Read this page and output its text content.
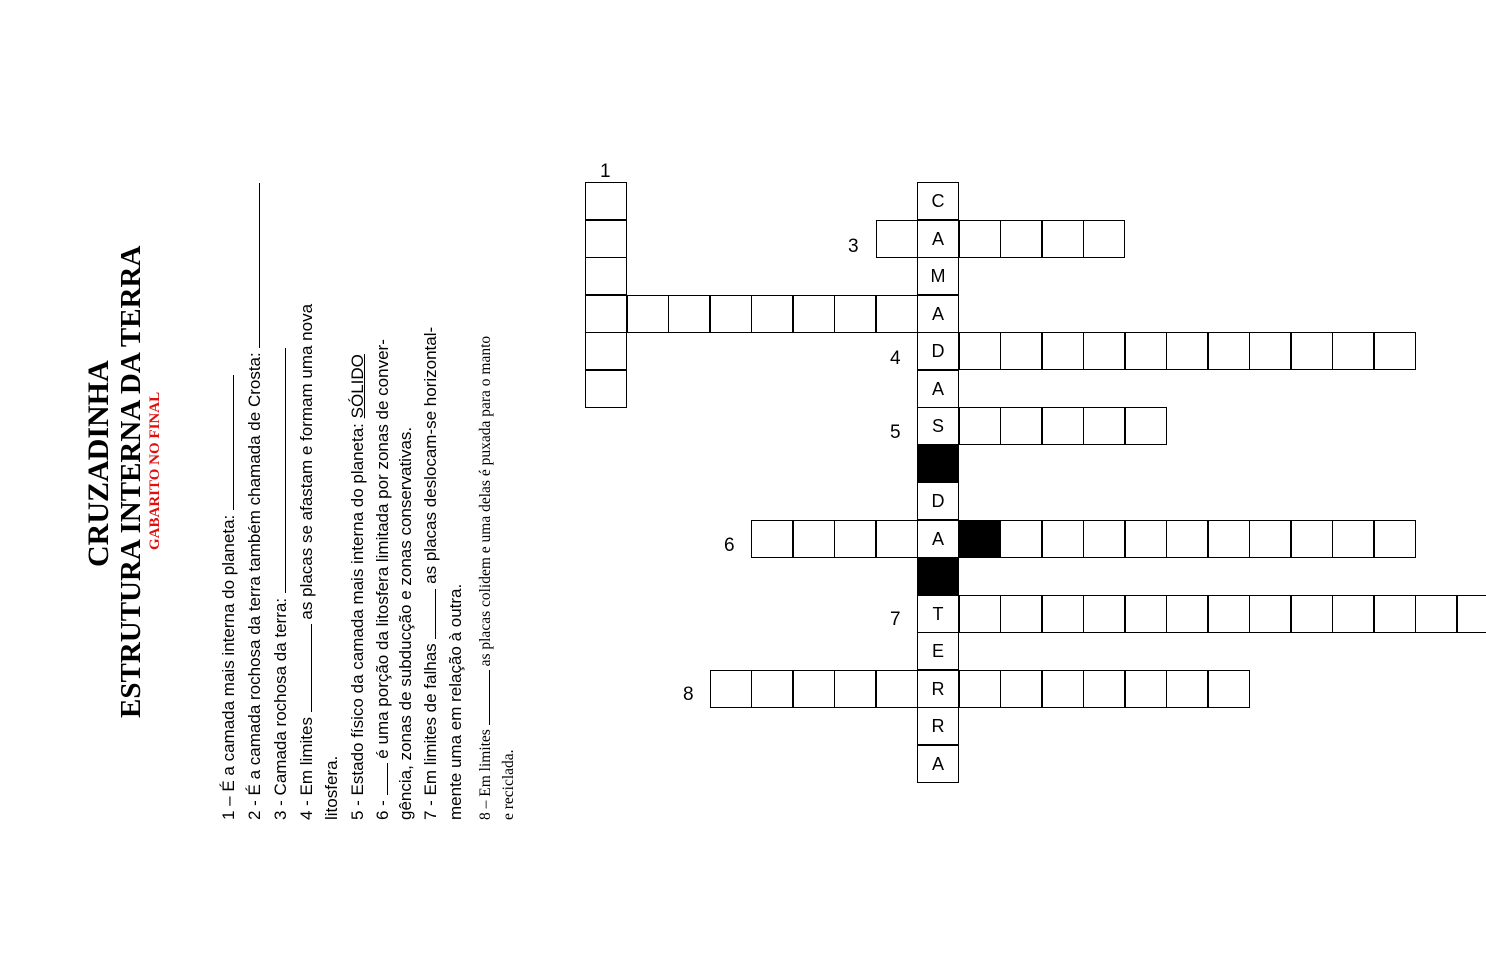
CRUZADINHA ESTRUTURA INTERNA DA TERRA GABARITO NO FINAL
1 – É a camada mais interna do planeta: 2 - É a camada rochosa da terra também chamada de Crosta: 3 - Camada rochosa da terra: 4 - Em limites  as placas se afastam e formam uma nova
litosfera. 5 - Estado físico da camada mais interna do planeta: SÓLIDO
6 -  é uma porção da litosfera limitada por zonas de conver- gência, zonas de subducção e zonas conservativas. 7 - Em limites de falhas  as placas deslocam-se horizontal-
mente uma em relação à outra. 8 – Em limites  as placas colidem e uma delas é puxada para o manto
e reciclada.
C
A
M
A
D
A
S
D
A
T
E
R
R
A
1
3
4
5
6
7
8
